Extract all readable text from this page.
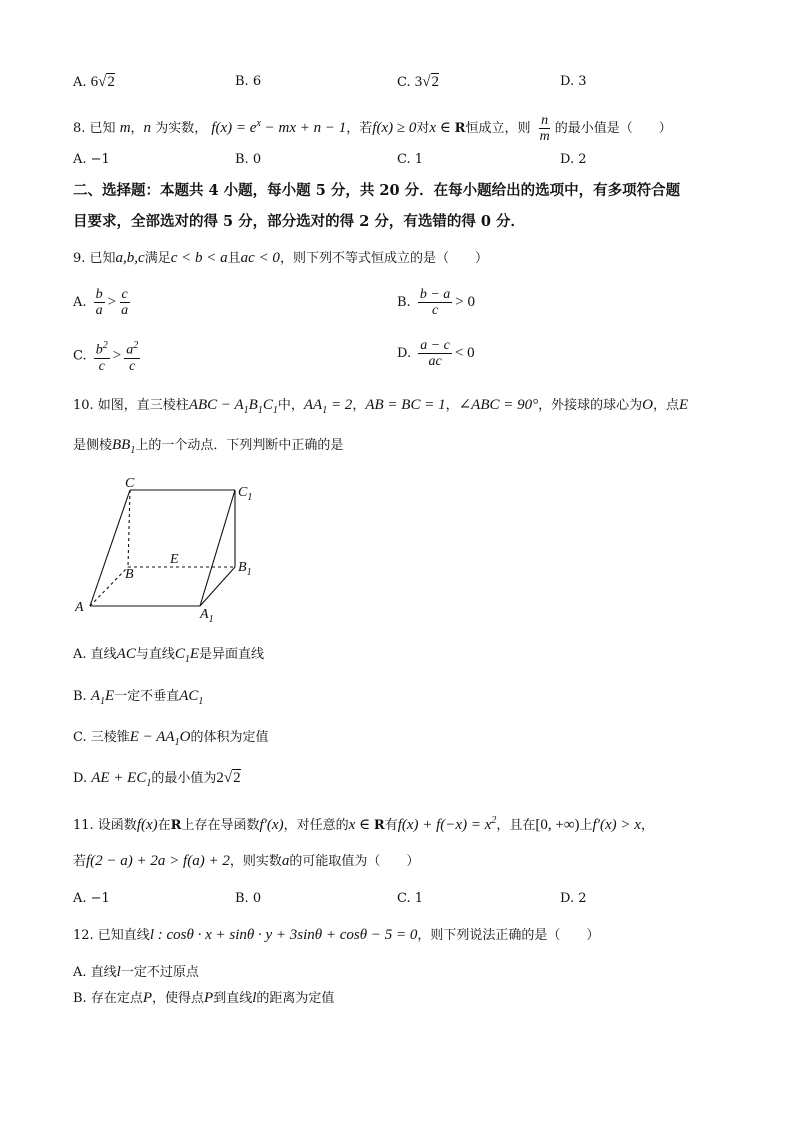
A. 6√2	B. 6	C. 3√2	D. 3
8. 已知 m，n 为实数， $f(x) = e^x$ − mx + n − 1，若f(x) ≥ 0对x ∈ R恒成立，则 $\frac{n}{m}$ 的最小值是（　　）
A. −1	B. 0	C. 1	D. 2
二、选择题：本题共 4 小题，每小题 5 分，共 20 分．在每小题给出的选项中，有多项符合题
目要求，全部选对的得 5 分，部分选对的得 2 分，有选错的得 0 分．
9. 已知a,b,c满足c < b < a且ac < 0，则下列不等式恒成立的是（　　）
A. $\frac{b}{a} > \frac{c}{a}$	B. $\frac{b - a}{c} > 0$
C. $\frac{b^2}{c} > \frac{a^2}{c}$	D. $\frac{a - c}{ac} < 0$
10. 如图，直三棱柱ABC − $A_1B_1C_1$中，$AA_1 = 2$，AB = BC = 1，∠ABC = 90°，外接球的球心为O，点E
是侧棱$BB_1$上的一个动点．下列判断中正确的是
C
$C_1$
E
B	$B_1$
A	$A_1$
A. 直线AC与直线$C_1E$是异面直线
B. $A_1E$一定不垂直$AC_1$
C. 三棱锥$E - AA_1O$的体积为定值
D. AE + $EC_1$的最小值为2√2
11. 设函数f(x)在R上存在导函数f′(x)，对任意的x ∈ R有$f(x) + f(-x) = x^2$，且在[0, +∞)上f′(x) > x，
若f(2 − a) + 2a > f(a) + 2，则实数a的可能取值为（　　）
A. −1	B. 0	C. 1	D. 2
12. 已知直线l : cosθ · x + sinθ · y + 3sinθ + cosθ − 5 = 0，则下列说法正确的是（　　）
A. 直线l一定不过原点
B. 存在定点P，使得点P到直线l的距离为定值
